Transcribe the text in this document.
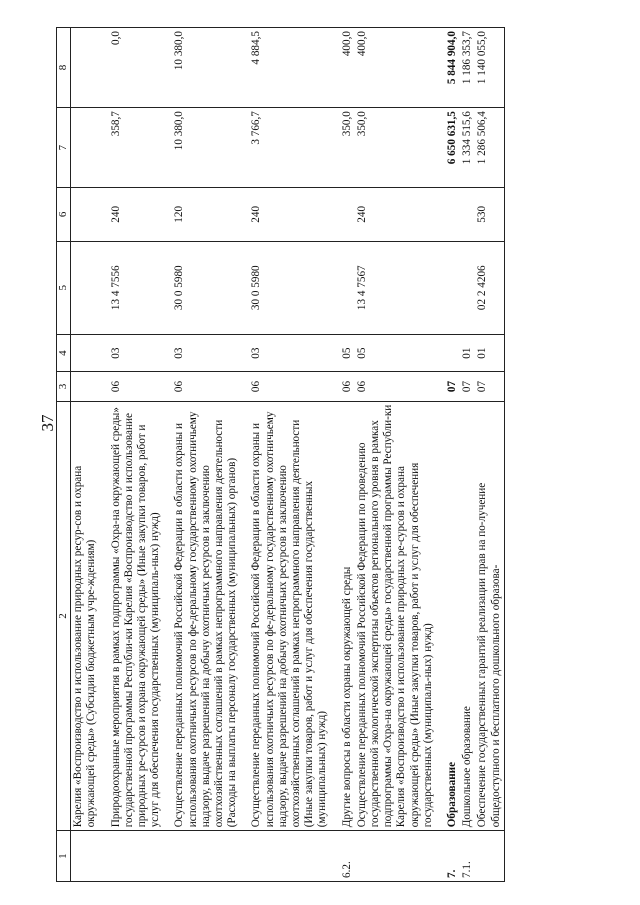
37
1	2	3	4	5	6	7	8
	Карелия «Воспроизводство и использование природных ресур-сов и охрана окружающей среды» (Субсидии бюджетным учре-ждениям)						
	Природоохранные мероприятия в рамках подпрограммы «Охра-на окружающей среды» государственной программы Республи-ки Карелия «Воспроизводство и использование природных ре-сурсов и охрана окружающей среды» (Иные закупки товаров, работ и услуг для обеспечения государственных (муниципаль-ных) нужд)	06	03	13 4 7556	240	358,7	0,0
	Осуществление переданных полномочий Российской Федерации в области охраны и использования охотничьих ресурсов по фе-деральному государственному охотничьему надзору, выдаче разрешений на добычу охотничьих ресурсов и заключению охотхозяйственных соглашений в рамках непрограммного направления деятельности (Расходы на выплаты персоналу государственных (муниципальных) органов)	06	03	30 0 5980	120	10 380,0	10 380,0
	Осуществление переданных полномочий Российской Федерации в области охраны и использования охотничьих ресурсов по фе-деральному государственному охотничьему надзору, выдаче разрешений на добычу охотничьих ресурсов и заключению охотхозяйственных соглашений в рамках непрограммного направления деятельности (Иные закупки товаров, работ и услуг для обеспечения государственных (муниципальных) нужд)	06	03	30 0 5980	240	3 766,7	4 884,5
6.2.	Другие вопросы в области охраны окружающей среды	06	05			350,0	400,0
	Осуществление переданных полномочий Российской Федерации по проведению государственной экологической экспертизы объектов регионального уровня в рамках подпрограммы «Охра-на окружающей среды» государственной программы Республи-ки Карелия «Воспроизводство и использование природных ре-сурсов и охрана окружающей среды» (Иные закупки товаров, работ и услуг для обеспечения государственных (муниципаль-ных) нужд)	06	05	13 4 7567	240	350,0	400,0
7.	Образование	07				6 650 631,5	5 844 904,0
7.1.	Дошкольное образование	07	01			1 334 515,6	1 186 353,7
	Обеспечение государственных гарантий реализации прав на по-лучение общедоступного и бесплатного дошкольного образова-	07	01	02 2 4206	530	1 286 506,4	1 140 055,0
